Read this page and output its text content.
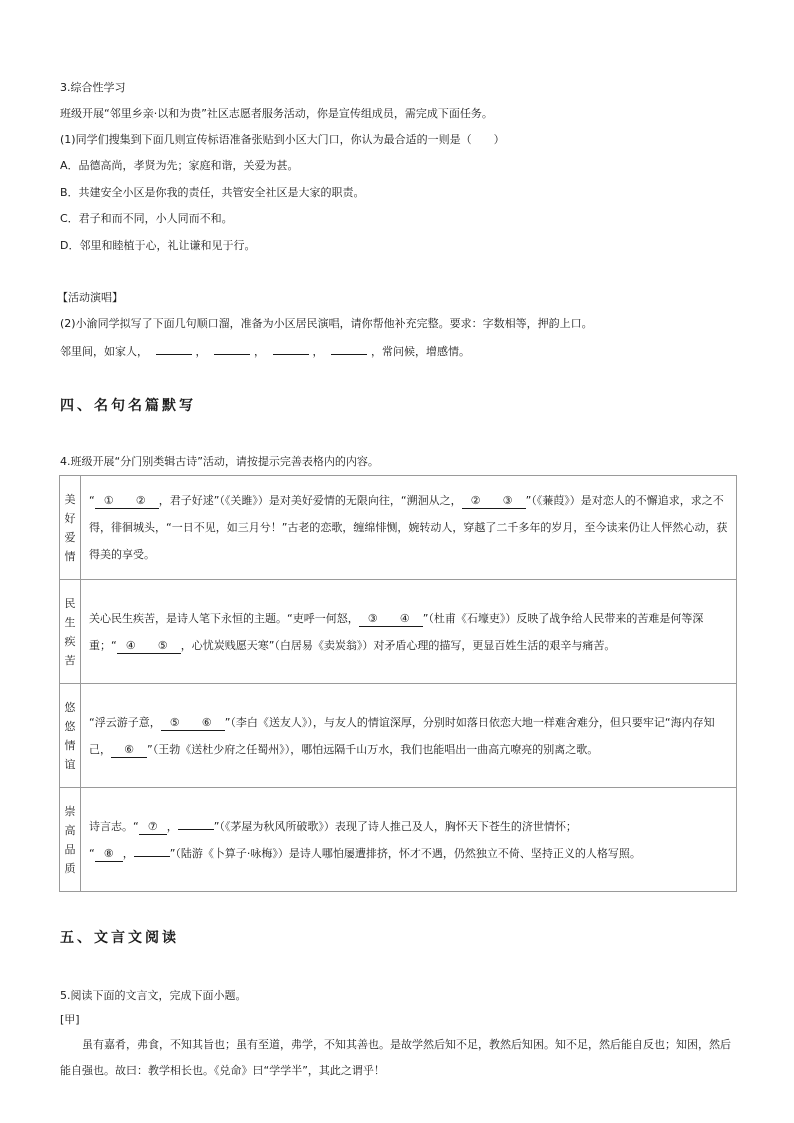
3.综合性学习
班级开展“邻里乡亲·以和为贵”社区志愿者服务活动，你是宣传组成员，需完成下面任务。
(1)同学们搜集到下面几则宣传标语准备张贴到小区大门口，你认为最合适的一则是（　　）
A．品德高尚，孝贤为先；家庭和谐，关爱为甚。
B．共建安全小区是你我的责任，共管安全社区是大家的职责。
C．君子和而不同，小人同而不和。
D．邻里和睦植于心，礼让谦和见于行。
【活动演唱】
(2)小渝同学拟写了下面几句顺口溜，准备为小区居民演唱，请你帮他补充完整。要求：字数相等，押韵上口。
邻里间，如家人，	，	，	，	，常问候，增感情。
四、名句名篇默写
4.班级开展“分门别类辑古诗”活动，请按提示完善表格内的内容。
美
好
爱
情	“ ① ② ，君子好逑”（《关雎》）是对美好爱情的无限向往，“溯洄从之， ② ③ ”（《蒹葭》）是对恋人的不懈追求，求之不得，徘徊城头，“一日不见，如三月兮！”古老的恋歌，缠绵悱恻，婉转动人，穿越了二千多年的岁月，至今读来仍让人怦然心动，获得美的享受。

民
生
疾
苦	关心民生疾苦，是诗人笔下永恒的主题。“吏呼一何怒， ③ ④ ”（杜甫《石壕吏》）反映了战争给人民带来的苦难是何等深重；“ ④ ⑤ ，心忧炭贱愿天寒”（白居易《卖炭翁》）对矛盾心理的描写，更显百姓生活的艰辛与痛苦。

悠
悠
情
谊	“浮云游子意， ⑤ ⑥ ”（李白《送友人》），与友人的情谊深厚，分别时如落日依恋大地一样难舍难分，但只要牢记“海内存知己， ⑥ ”（王勃《送杜少府之任蜀州》），哪怕远隔千山万水，我们也能唱出一曲高亢嘹亮的别离之歌。

崇
高
品
质	诗言志。“ ⑦ ， ”（《茅屋为秋风所破歌》）表现了诗人推己及人，胸怀天下苍生的济世情怀；
“ ⑧ ， ”（陆游《卜算子·咏梅》）是诗人哪怕屡遭排挤，怀才不遇，仍然独立不倚、坚持正义的人格写照。
五、文言文阅读
5.阅读下面的文言文，完成下面小题。
[甲]
　　虽有嘉肴，弗食，不知其旨也；虽有至道，弗学，不知其善也。是故学然后知不足，教然后知困。知不足，然后能自反也；知困，然后能自强也。故曰：教学相长也。《兑命》曰“学学半”，其此之谓乎！
